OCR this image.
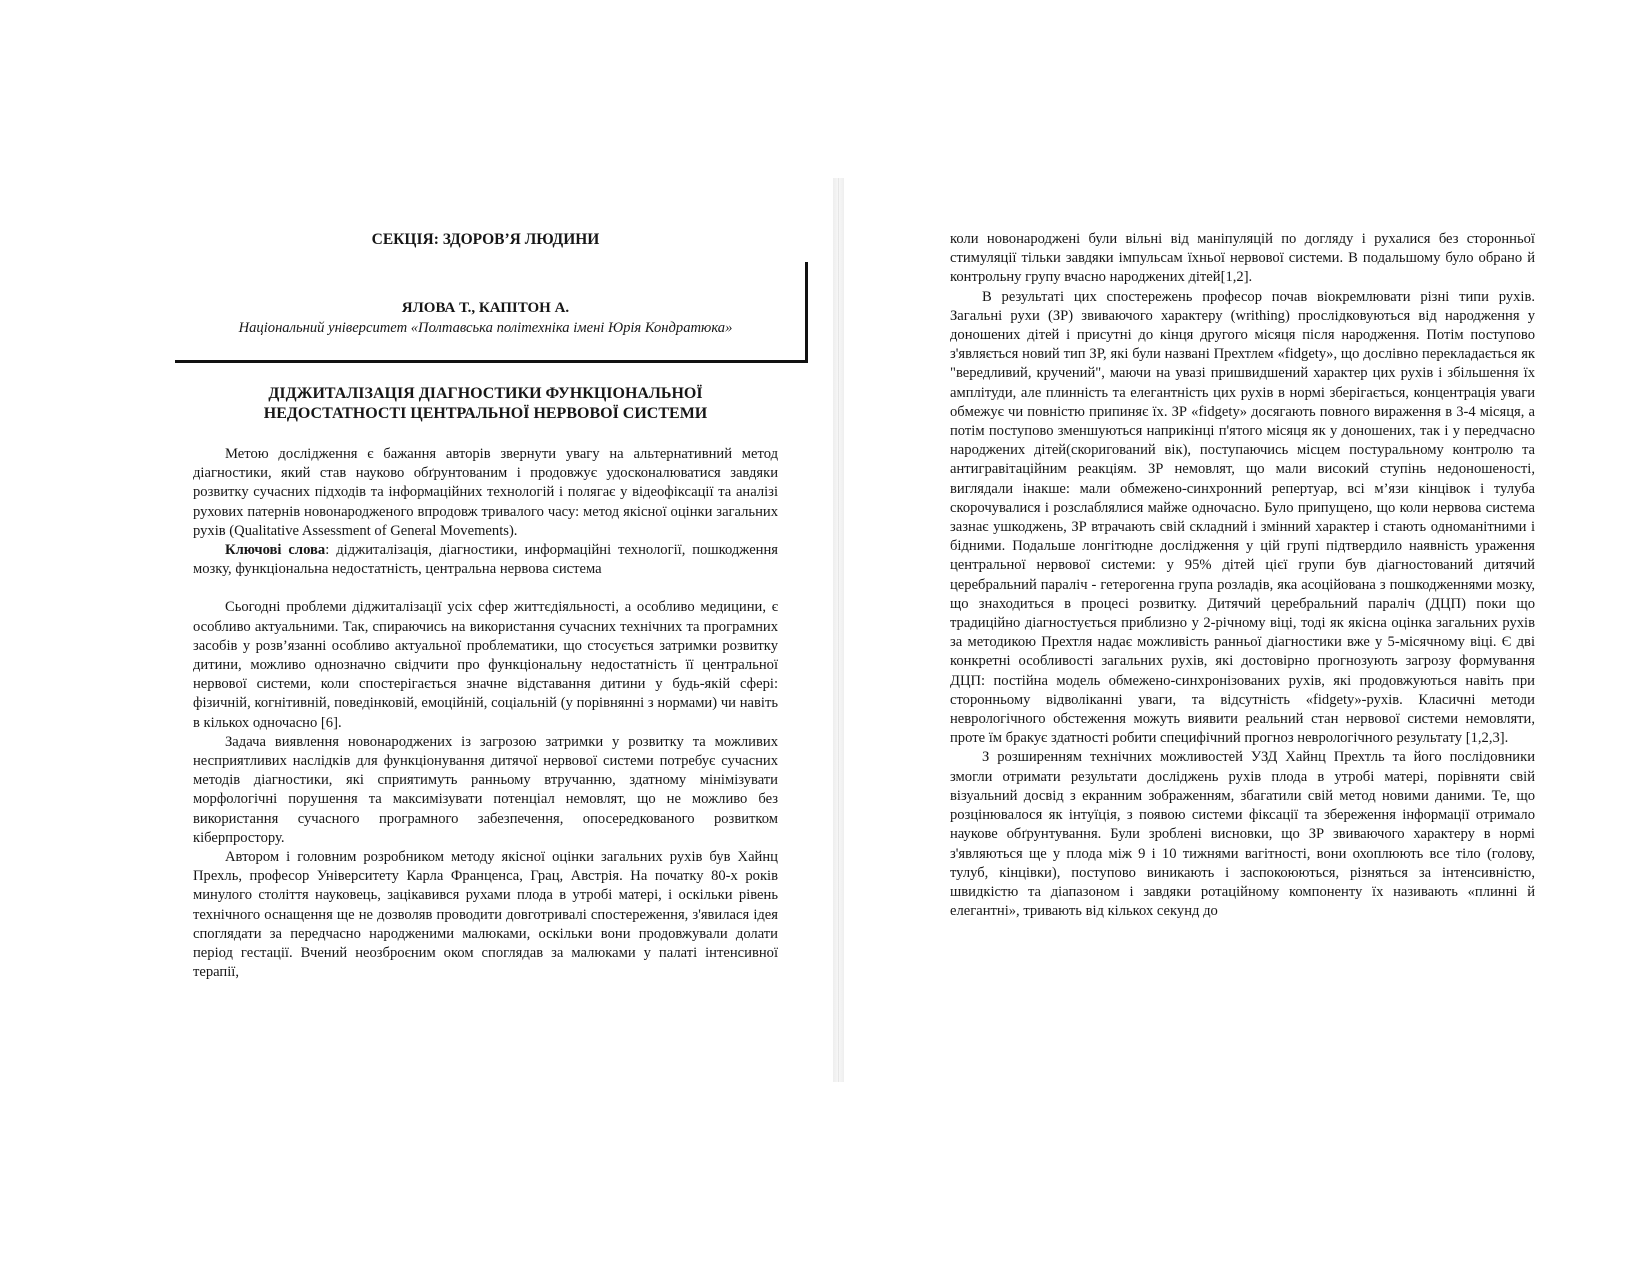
СЕКЦІЯ: ЗДОРОВ’Я ЛЮДИНИ
ЯЛОВА Т., КАПІТОН А.
Національний університет «Полтавська політехніка імені Юрія Кондратюка»
ДІДЖИТАЛІЗАЦІЯ ДІАГНОСТИКИ ФУНКЦІОНАЛЬНОЇ
НЕДОСТАТНОСТІ ЦЕНТРАЛЬНОЇ НЕРВОВОЇ СИСТЕМИ

Метою дослідження є бажання авторів звернути увагу на альтернативний метод діагностики, який став науково обґрунтованим і продовжує удосконалюватися завдяки розвитку сучасних підходів та інформаційних технологій і полягає у відеофіксації та аналізі рухових патернів новонародженого впродовж тривалого часу: метод якісної оцінки загальних рухів (Qualitative Assessment of General Movements).

Ключові слова: діджиталізація, діагностики, информаційні технології, пошкодження мозку, функціональна недостатність, центральна нервова система

Сьогодні проблеми діджиталізації усіх сфер життєдіяльності, а особливо медицини, є особливо актуальними. Так, спираючись на використання сучасних технічних та програмних засобів у розв’язанні особливо актуальної проблематики, що стосується затримки розвитку дитини, можливо однозначно свідчити про функціональну недостатність її центральної нервової системи, коли спостерігається значне відставання дитини у будь-якій сфері: фізичній, когнітивній, поведінковій, емоційній, соціальній (у порівнянні з нормами) чи навіть в кількох одночасно [6].

Задача виявлення новонароджених із загрозою затримки у розвитку та можливих несприятливих наслідків для функціонування дитячої нервової системи потребує сучасних методів діагностики, які сприятимуть ранньому втручанню, здатному мінімізувати морфологічні порушення та максимізувати потенціал немовлят, що не можливо без використання сучасного програмного забезпечення, опосередкованого розвитком кіберпростору.

Автором і головним розробником методу якісної оцінки загальних рухів був Хайнц Прехль, професор Університету Карла Франценса, Грац, Австрія. На початку 80-х років минулого століття науковець, зацікавився рухами плода в утробі матері, і оскільки рівень технічного оснащення ще не дозволяв проводити довготривалі спостереження, з'явилася ідея споглядати за передчасно народженими малюками, оскільки вони продовжували долати період гестації. Вчений неозброєним оком споглядав за малюками у палаті інтенсивної терапії,

коли новонароджені були вільні від маніпуляцій по догляду і рухалися без сторонньої стимуляції тільки завдяки імпульсам їхньої нервової системи. В подальшому було обрано й контрольну групу вчасно народжених дітей[1,2].

В результаті цих спостережень професор почав вiокремлювати різні типи рухів. Загальні рухи (ЗР) звиваючого характеру (writhing) прослідковуються від народження у доношених дітей і присутні до кінця другого місяця після народження. Потім поступово з'являється новий тип ЗР, які були названі Прехтлем «fidgety», що дослівно перекладається як "вередливий, кручений", маючи на увазі пришвидшений характер цих рухів і збільшення їх амплітуди, але плинність та елегантність цих рухів в нормі зберігається, концентрація уваги обмежує чи повністю припиняє їх. ЗР «fidgety» досягають повного вираження в 3-4 місяця, а потім поступово зменшуються наприкінці п'ятого місяця як у доношених, так і у передчасно народжених дітей(скоригований вік), поступаючись місцем постуральному контролю та антигравітаційним реакціям. ЗР немовлят, що мали високий ступінь недоношеності, виглядали інакше: мали обмежено-синхронний репертуар, всі м’язи кінцівок і тулуба скорочувалися і розслаблялися майже одночасно. Було припущено, що коли нервова система зазнає ушкоджень, ЗР втрачають свій складний і змінний характер і стають одноманітними і бідними. Подальше лонгітюдне дослідження у цій групі підтвердило наявність ураження центральної нервової системи: у 95% дітей цієї групи був діагностований дитячий церебральний параліч - гетерогенна група розладів, яка асоційована з пошкодженнями мозку, що знаходиться в процесі розвитку. Дитячий церебральний параліч (ДЦП) поки що традиційно діагностується приблизно у 2-річному віці, тоді як якісна оцінка загальних рухів за методикою Прехтля надає можливість ранньої діагностики вже у 5-місячному віці. Є дві конкретні особливості загальних рухів, які достовірно прогнозують загрозу формування ДЦП: постійна модель обмежено-синхронізованих рухів, які продовжуються навіть при сторонньому відволіканні уваги, та відсутність «fidgety»-рухів. Класичні методи неврологічного обстеження можуть виявити реальний стан нервової системи немовляти, проте їм бракує здатності робити специфічний прогноз неврологічного результату [1,2,3].

З розширенням технічних можливостей УЗД Хайнц Прехтль та його послідовники змогли отримати результати досліджень рухів плода в утробі матері, порівняти свій візуальний досвід з екранним зображенням, збагатили свій метод новими даними. Те, що розцінювалося як інтуїція, з появою системи фіксації та збереження інформації отримало наукове обґрунтування. Були зроблені висновки, що ЗР звиваючого характеру в нормі з'являються ще у плода між 9 і 10 тижнями вагітності, вони охоплюють все тіло (голову, тулуб, кінцівки), поступово виникають і заспокоюються, різняться за інтенсивністю, швидкістю та діапазоном і завдяки ротаційному компоненту їх називають «плинні й елегантні», тривають від кількох секунд до
